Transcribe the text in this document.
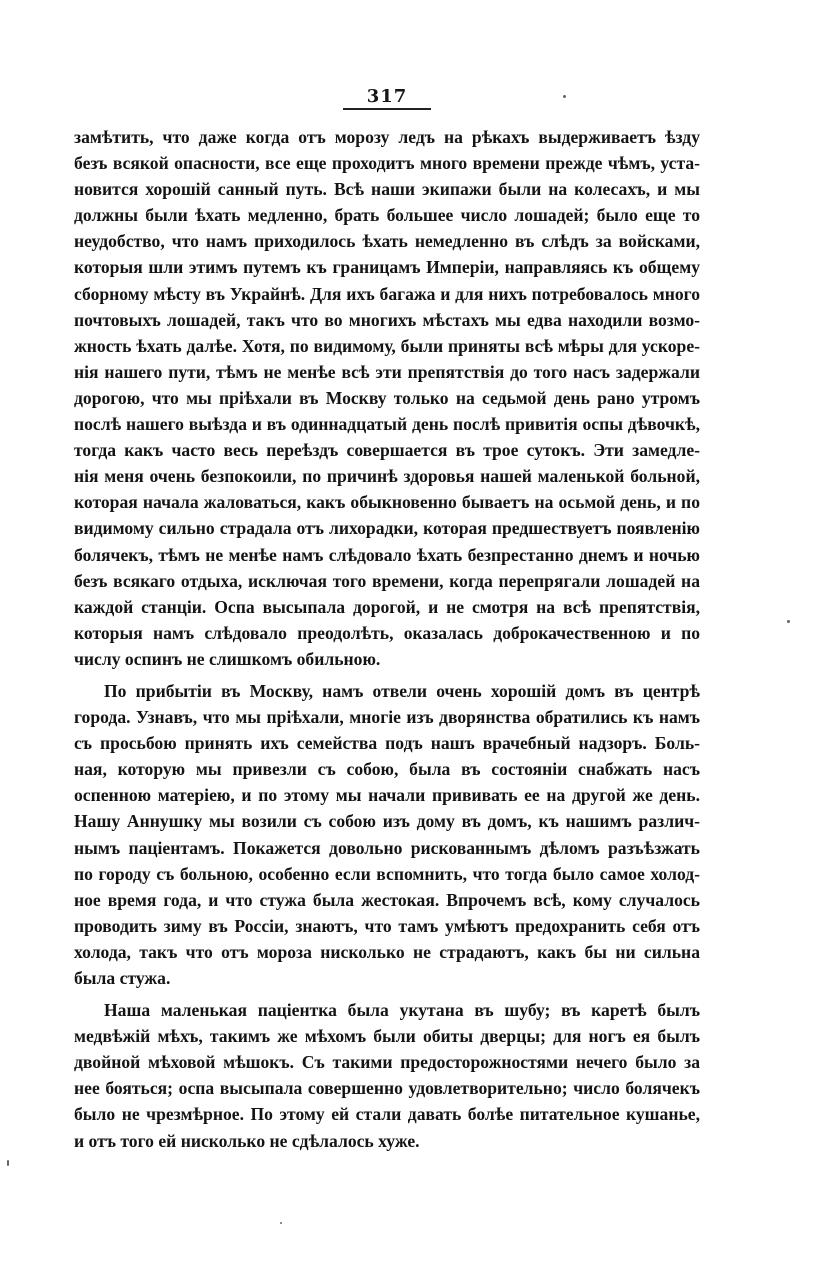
317
замѣтить, что даже когда отъ морозу ледъ на рѣкахъ выдерживаетъ ѣзду
безъ всякой опасности, все еще проходитъ много времени прежде чѣмъ, уста-
новится хорошій санный путь. Всѣ наши экипажи были на колесахъ, и мы
должны были ѣхать медленно, брать большее число лошадей; было еще то
неудобство, что намъ приходилось ѣхать немедленно въ слѣдъ за войсками,
которыя шли этимъ путемъ къ границамъ Имперіи, направляясь къ общему
сборному мѣсту въ Украйнѣ. Для ихъ багажа и для нихъ потребовалось много
почтовыхъ лошадей, такъ что во многихъ мѣстахъ мы едва находили возмо-
жность ѣхать далѣе. Хотя, по видимому, были приняты всѣ мѣры для ускоре-
нія нашего пути, тѣмъ не менѣе всѣ эти препятствія до того насъ задержали
дорогою, что мы пріѣхали въ Москву только на седьмой день рано утромъ
послѣ нашего выѣзда и въ одиннадцатый день послѣ привитія оспы дѣвочкѣ,
тогда какъ часто весь переѣздъ совершается въ трое сутокъ. Эти замедле-
нія меня очень безпокоили, по причинѣ здоровья нашей маленькой больной,
которая начала жаловаться, какъ обыкновенно бываетъ на осьмой день, и по
видимому сильно страдала отъ лихорадки, которая предшествуетъ появленію
болячекъ, тѣмъ не менѣе намъ слѣдовало ѣхать безпрестанно днемъ и ночью
безъ всякаго отдыха, исключая того времени, когда перепрягали лошадей на
каждой станціи. Оспа высыпала дорогой, и не смотря на всѣ препятствія,
которыя намъ слѣдовало преодолѣть, оказалась доброкачественною и по
числу оспинъ не слишкомъ обильною.
По прибытіи въ Москву, намъ отвели очень хорошій домъ въ центрѣ
города. Узнавъ, что мы пріѣхали, многіе изъ дворянства обратились къ намъ
съ просьбою принять ихъ семейства подъ нашъ врачебный надзоръ. Боль-
ная, которую мы привезли съ собою, была въ состояніи снабжать насъ
оспенною матеріею, и по этому мы начали прививать ее на другой же день.
Нашу Аннушку мы возили съ собою изъ дому въ домъ, къ нашимъ различ-
нымъ паціентамъ. Покажется довольно рискованнымъ дѣломъ разъѣзжать
по городу съ больною, особенно если вспомнить, что тогда было самое холод-
ное время года, и что стужа была жестокая. Впрочемъ всѣ, кому случалось
проводить зиму въ Россіи, знаютъ, что тамъ умѣютъ предохранить себя отъ
холода, такъ что отъ мороза нисколько не страдаютъ, какъ бы ни сильна
была стужа.
Наша маленькая паціентка была укутана въ шубу; въ каретѣ былъ
медвѣжій мѣхъ, такимъ же мѣхомъ были обиты дверцы; для ногъ ея былъ
двойной мѣховой мѣшокъ. Съ такими предосторожностями нечего было за
нее бояться; оспа высыпала совершенно удовлетворительно; число болячекъ
было не чрезмѣрное. По этому ей стали давать болѣе питательное кушанье,
и отъ того ей нисколько не сдѣлалось хуже.
